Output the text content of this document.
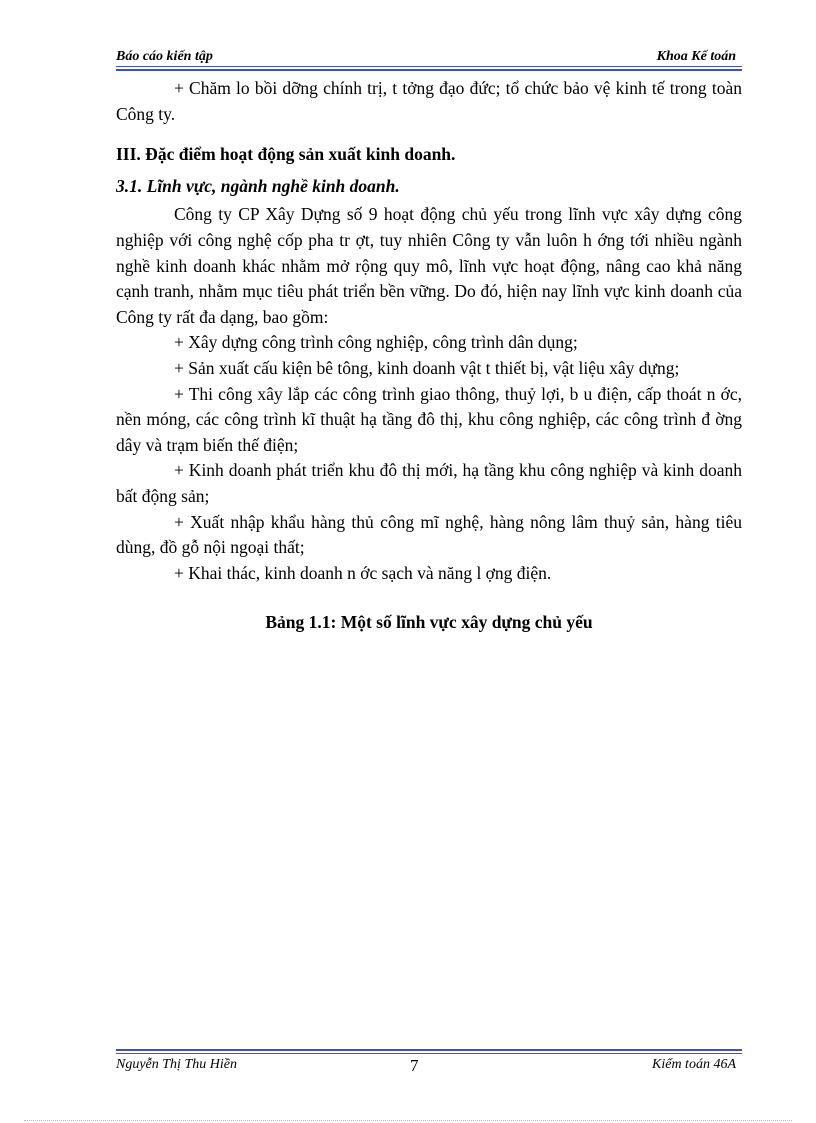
Báo cáo kiến tập	Khoa Kế toán

+ Chăm lo bồi dỡng chính trị, t tởng đạo đức; tổ chức bảo vệ kinh tế trong toàn Công ty.

III. Đặc điểm hoạt động sản xuất kinh doanh.

3.1. Lĩnh vực, ngành nghề kinh doanh.

Công ty CP Xây Dựng số 9 hoạt động chủ yếu trong lĩnh vực xây dựng công nghiệp với công nghệ cốp pha tr ợt, tuy nhiên Công ty vẫn luôn h ớng tới nhiều ngành nghề kinh doanh khác nhằm mở rộng quy mô, lĩnh vực hoạt động, nâng cao khả năng cạnh tranh, nhằm mục tiêu phát triển bền vững. Do đó, hiện nay lĩnh vực kinh doanh của Công ty rất đa dạng, bao gồm:

+ Xây dựng công trình công nghiệp, công trình dân dụng;

+ Sản xuất cấu kiện bê tông, kinh doanh vật t thiết bị, vật liệu xây dựng;

+ Thi công xây lắp các công trình giao thông, thuỷ lợi, b u điện, cấp thoát n ớc, nền móng, các công trình kĩ thuật hạ tầng đô thị, khu công nghiệp, các công trình đ ờng dây và trạm biến thế điện;

+ Kinh doanh phát triển khu đô thị mới, hạ tầng khu công nghiệp và kinh doanh bất động sản;

+ Xuất nhập khẩu hàng thủ công mĩ nghệ, hàng nông lâm thuỷ sản, hàng tiêu dùng, đồ gỗ nội ngoại thất;

+ Khai thác, kinh doanh n ớc sạch và năng l ợng điện.

Bảng 1.1: Một số lĩnh vực xây dựng chủ yếu

Nguyễn Thị Thu Hiền	7	Kiểm toán 46A
